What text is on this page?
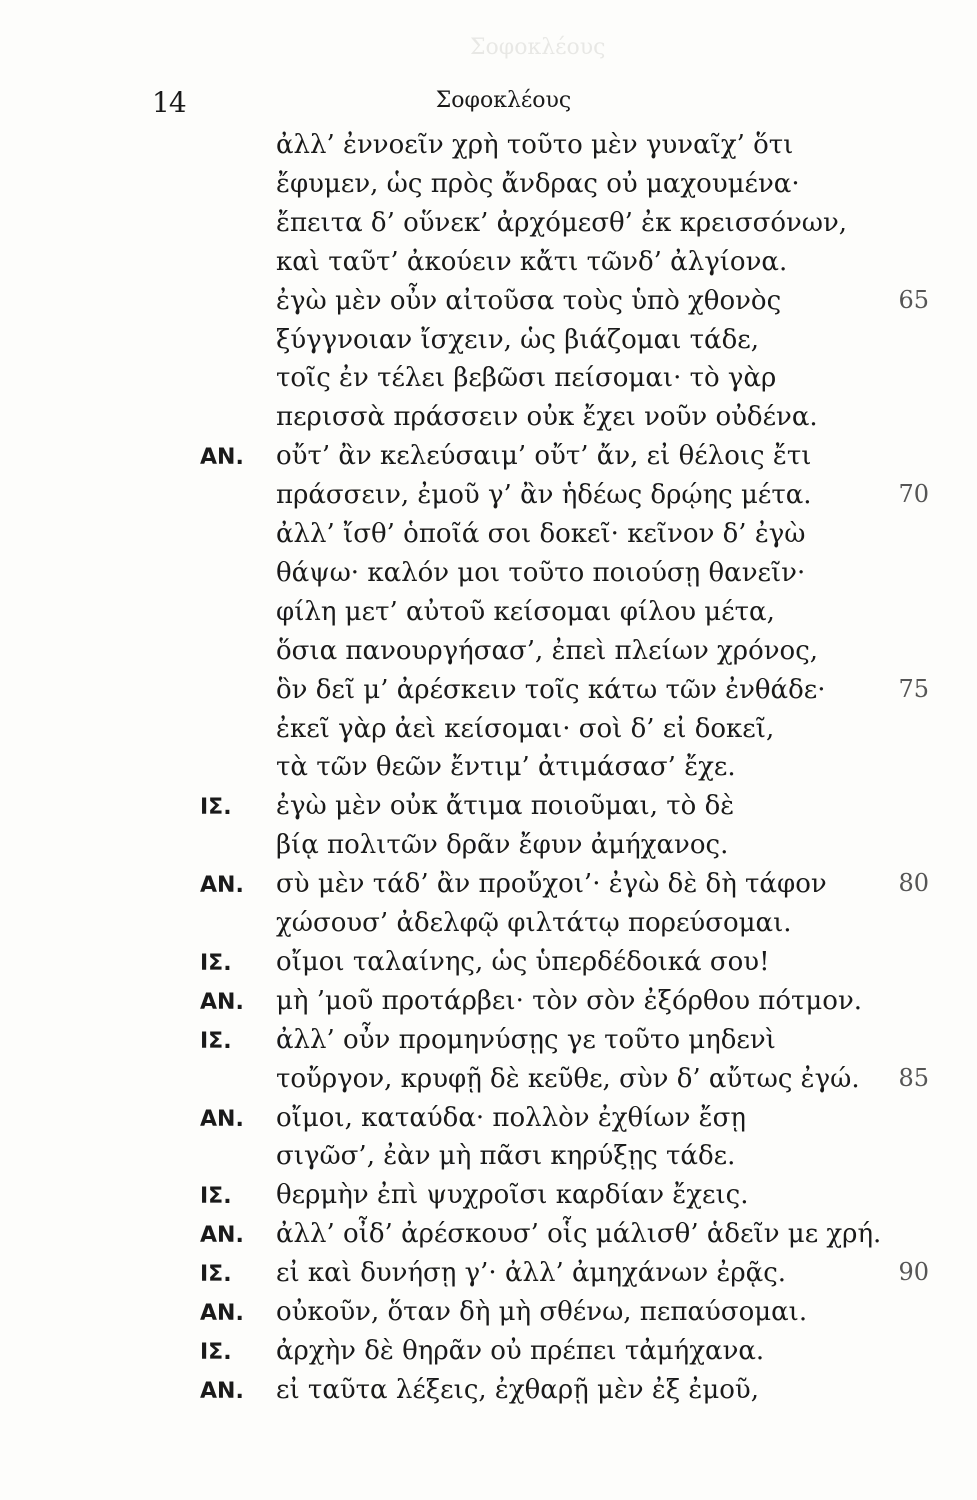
Σοφοκλέους
14	Σοφοκλέους
ἀλλ’ ἐννοεῖν χρὴ τοῦτο μὲν γυναῖχ’ ὅτι
ἔφυμεν, ὡς πρὸς ἄνδρας οὐ μαχουμένα·
ἔπειτα δ’ οὕνεκ’ ἀρχόμεσθ’ ἐκ κρεισσόνων,
καὶ ταῦτ’ ἀκούειν κἄτι τῶνδ’ ἀλγίονα.
ἐγὼ μὲν οὖν αἰτοῦσα τοὺς ὑπὸ χθονὸς	65
ξύγγνοιαν ἴσχειν, ὡς βιάζομαι τάδε,
τοῖς ἐν τέλει βεβῶσι πείσομαι· τὸ γὰρ
περισσὰ πράσσειν οὐκ ἔχει νοῦν οὐδένα.
ΑΝ.	οὔτ’ ἂν κελεύσαιμ’ οὔτ’ ἄν, εἰ θέλοις ἔτι
πράσσειν, ἐμοῦ γ’ ἂν ἡδέως δρῴης μέτα.	70
ἀλλ’ ἴσθ’ ὁποῖά σοι δοκεῖ· κεῖνον δ’ ἐγὼ
θάψω· καλόν μοι τοῦτο ποιούσῃ θανεῖν·
φίλη μετ’ αὐτοῦ κείσομαι φίλου μέτα,
ὅσια πανουργήσασ’, ἐπεὶ πλείων χρόνος,
ὃν δεῖ μ’ ἀρέσκειν τοῖς κάτω τῶν ἐνθάδε·	75
ἐκεῖ γὰρ ἀεὶ κείσομαι· σοὶ δ’ εἰ δοκεῖ,
τὰ τῶν θεῶν ἔντιμ’ ἀτιμάσασ’ ἔχε.
ΙΣ.	ἐγὼ μὲν οὐκ ἄτιμα ποιοῦμαι, τὸ δὲ
βίᾳ πολιτῶν δρᾶν ἔφυν ἀμήχανος.
ΑΝ.	σὺ μὲν τάδ’ ἂν προὔχοι’· ἐγὼ δὲ δὴ τάφον	80
χώσουσ’ ἀδελφῷ φιλτάτῳ πορεύσομαι.
ΙΣ.	οἴμοι ταλαίνης, ὡς ὑπερδέδοικά σου!
ΑΝ.	μὴ ’μοῦ προτάρβει· τὸν σὸν ἐξόρθου πότμον.
ΙΣ.	ἀλλ’ οὖν προμηνύσῃς γε τοῦτο μηδενὶ
τοὔργον, κρυφῇ δὲ κεῦθε, σὺν δ’ αὔτως ἐγώ. 85
ΑΝ.	οἴμοι, καταύδα· πολλὸν ἐχθίων ἔσῃ
σιγῶσ’, ἐὰν μὴ πᾶσι κηρύξῃς τάδε.
ΙΣ.	θερμὴν ἐπὶ ψυχροῖσι καρδίαν ἔχεις.
ΑΝ.	ἀλλ’ οἶδ’ ἀρέσκουσ’ οἷς μάλισθ’ ἁδεῖν με χρή.
ΙΣ.	εἰ καὶ δυνήσῃ γ’· ἀλλ’ ἀμηχάνων ἐρᾷς.	90
ΑΝ.	οὐκοῦν, ὅταν δὴ μὴ σθένω, πεπαύσομαι.
ΙΣ.	ἀρχὴν δὲ θηρᾶν οὐ πρέπει τἀμήχανα.
ΑΝ.	εἰ ταῦτα λέξεις, ἐχθαρῇ μὲν ἐξ ἐμοῦ,
